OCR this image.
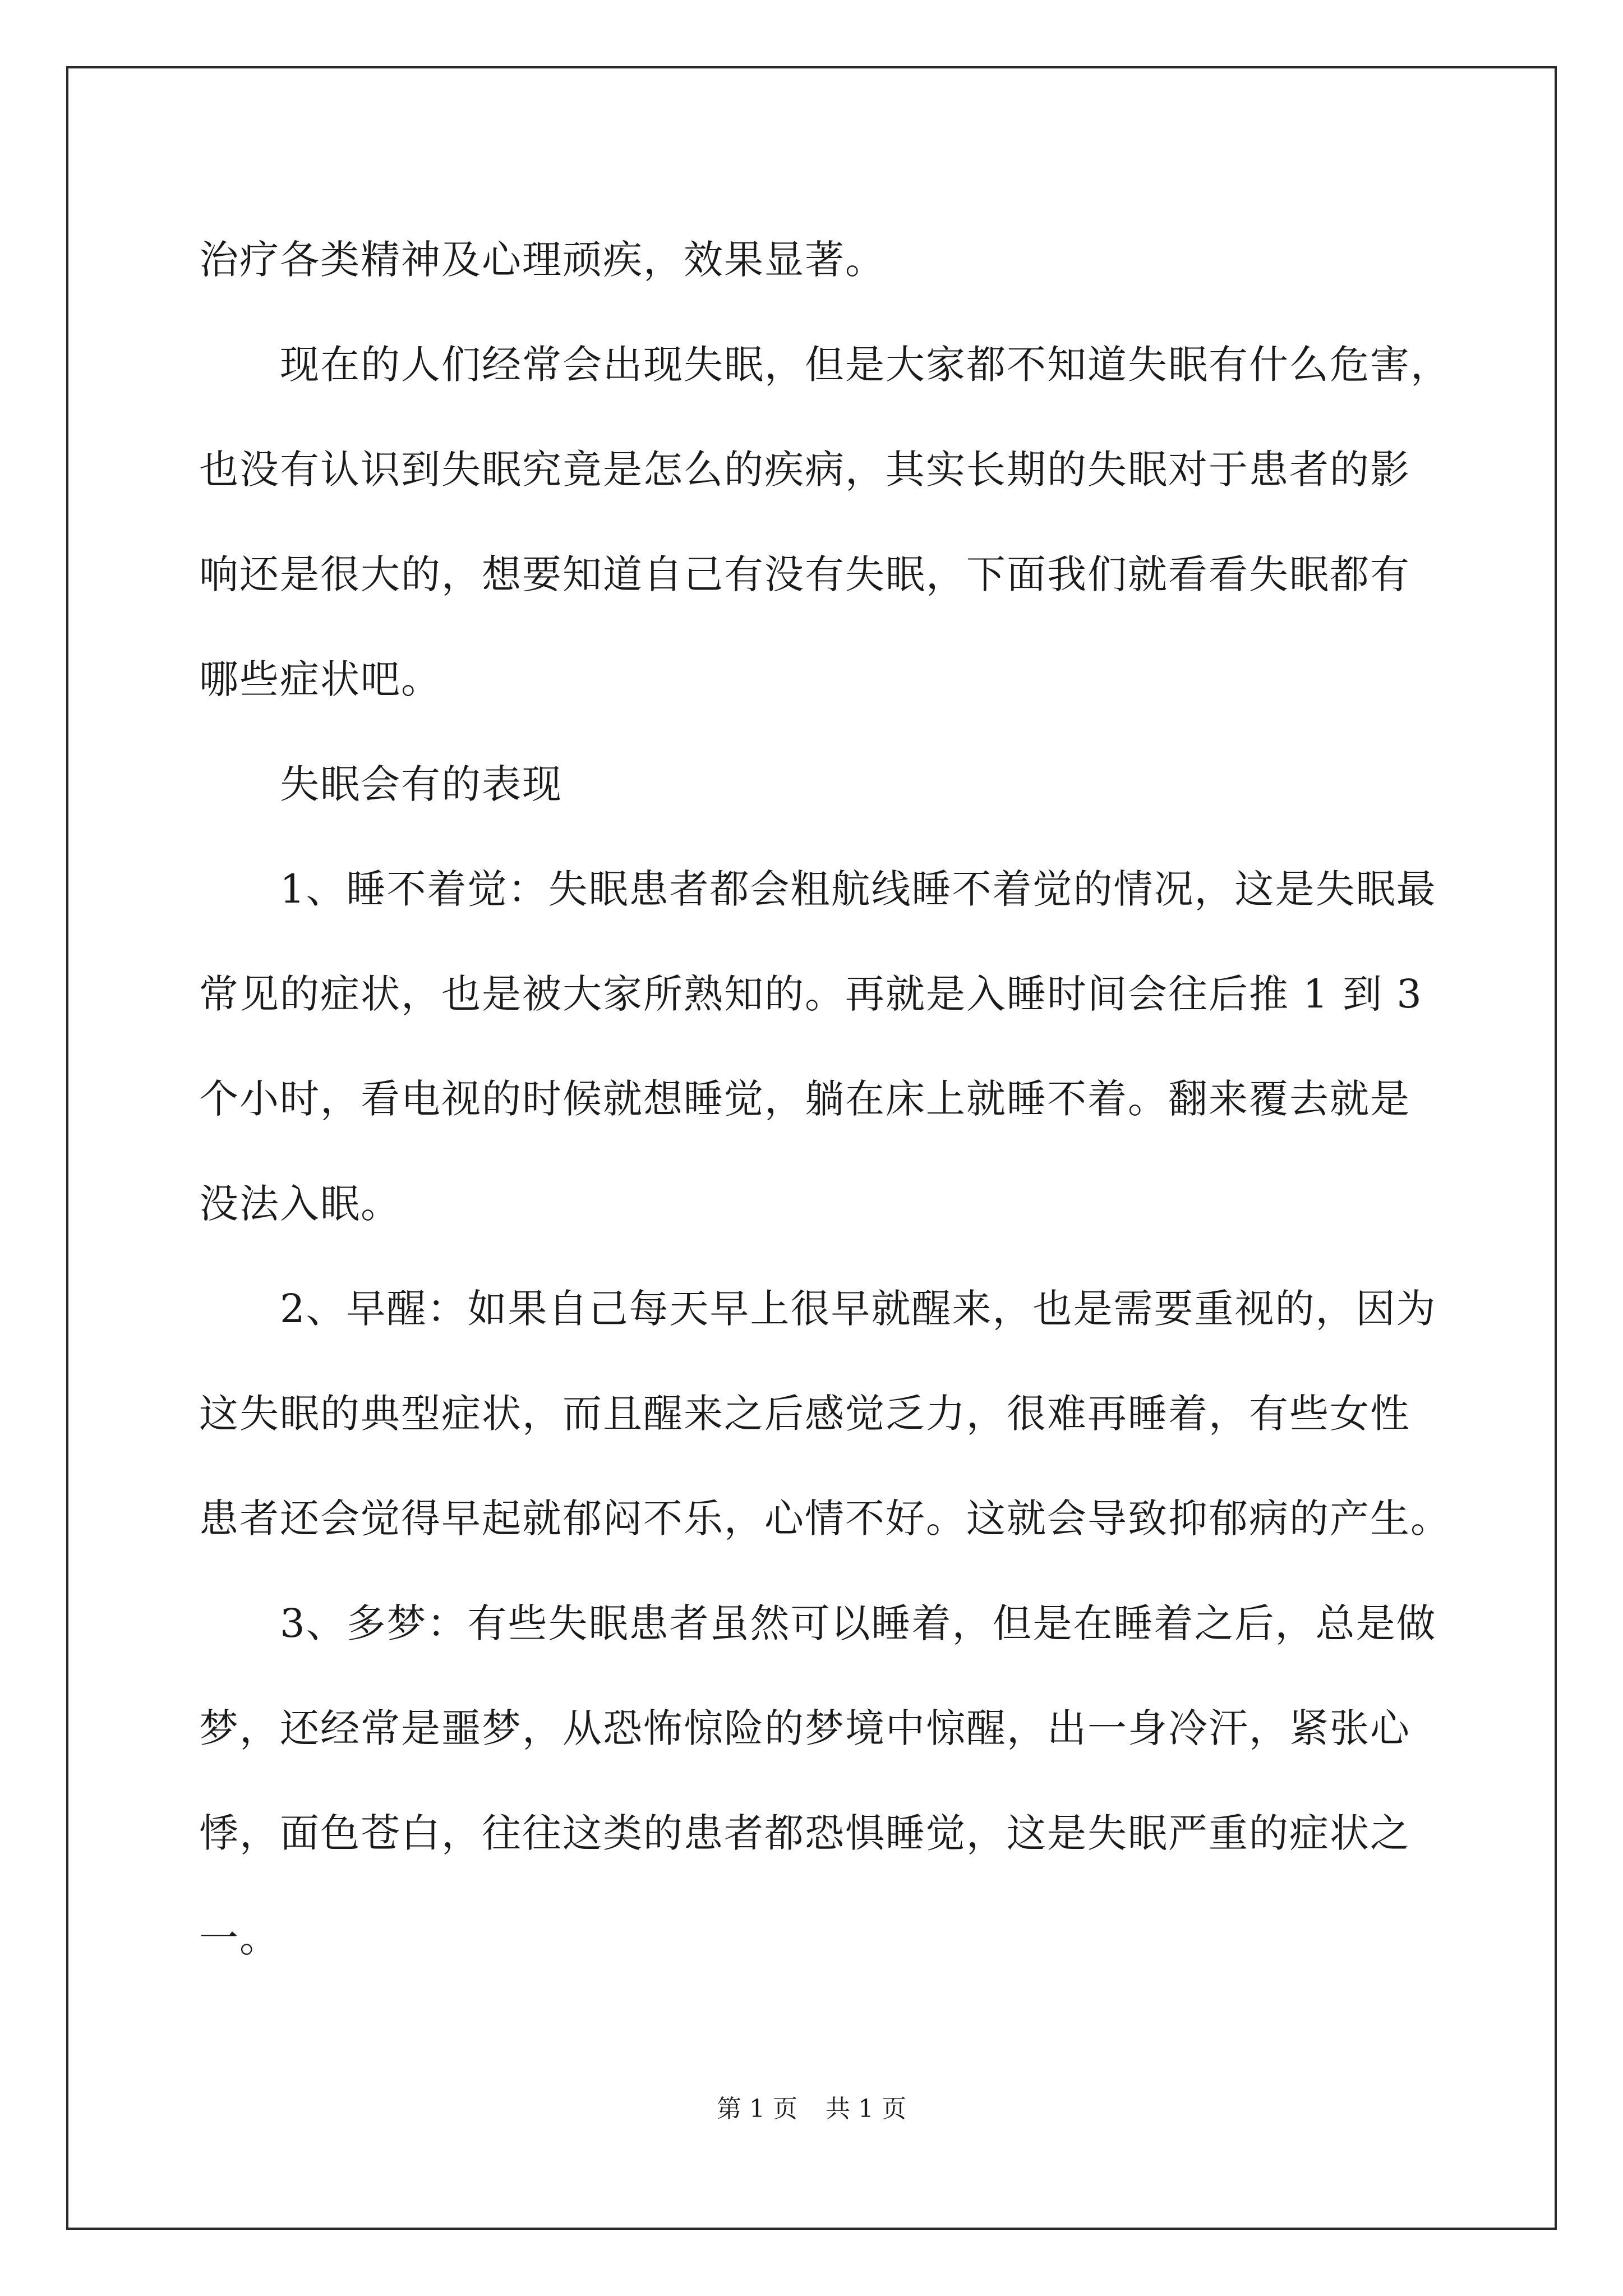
治疗各类精神及心理顽疾，效果显著。
现在的人们经常会出现失眠，但是大家都不知道失眠有什么危害，
也没有认识到失眠究竟是怎么的疾病，其实长期的失眠对于患者的影
响还是很大的，想要知道自己有没有失眠，下面我们就看看失眠都有
哪些症状吧。
失眠会有的表现
1、睡不着觉：失眠患者都会粗航线睡不着觉的情况，这是失眠最
常见的症状，也是被大家所熟知的。再就是入睡时间会往后推 1 到 3
个小时，看电视的时候就想睡觉，躺在床上就睡不着。翻来覆去就是
没法入眠。
2、早醒：如果自己每天早上很早就醒来，也是需要重视的，因为
这失眠的典型症状，而且醒来之后感觉乏力，很难再睡着，有些女性
患者还会觉得早起就郁闷不乐，心情不好。这就会导致抑郁病的产生。
3、多梦：有些失眠患者虽然可以睡着，但是在睡着之后，总是做
梦，还经常是噩梦，从恐怖惊险的梦境中惊醒，出一身冷汗，紧张心
悸，面色苍白，往往这类的患者都恐惧睡觉，这是失眠严重的症状之
一。
第 1 页 共 1 页
